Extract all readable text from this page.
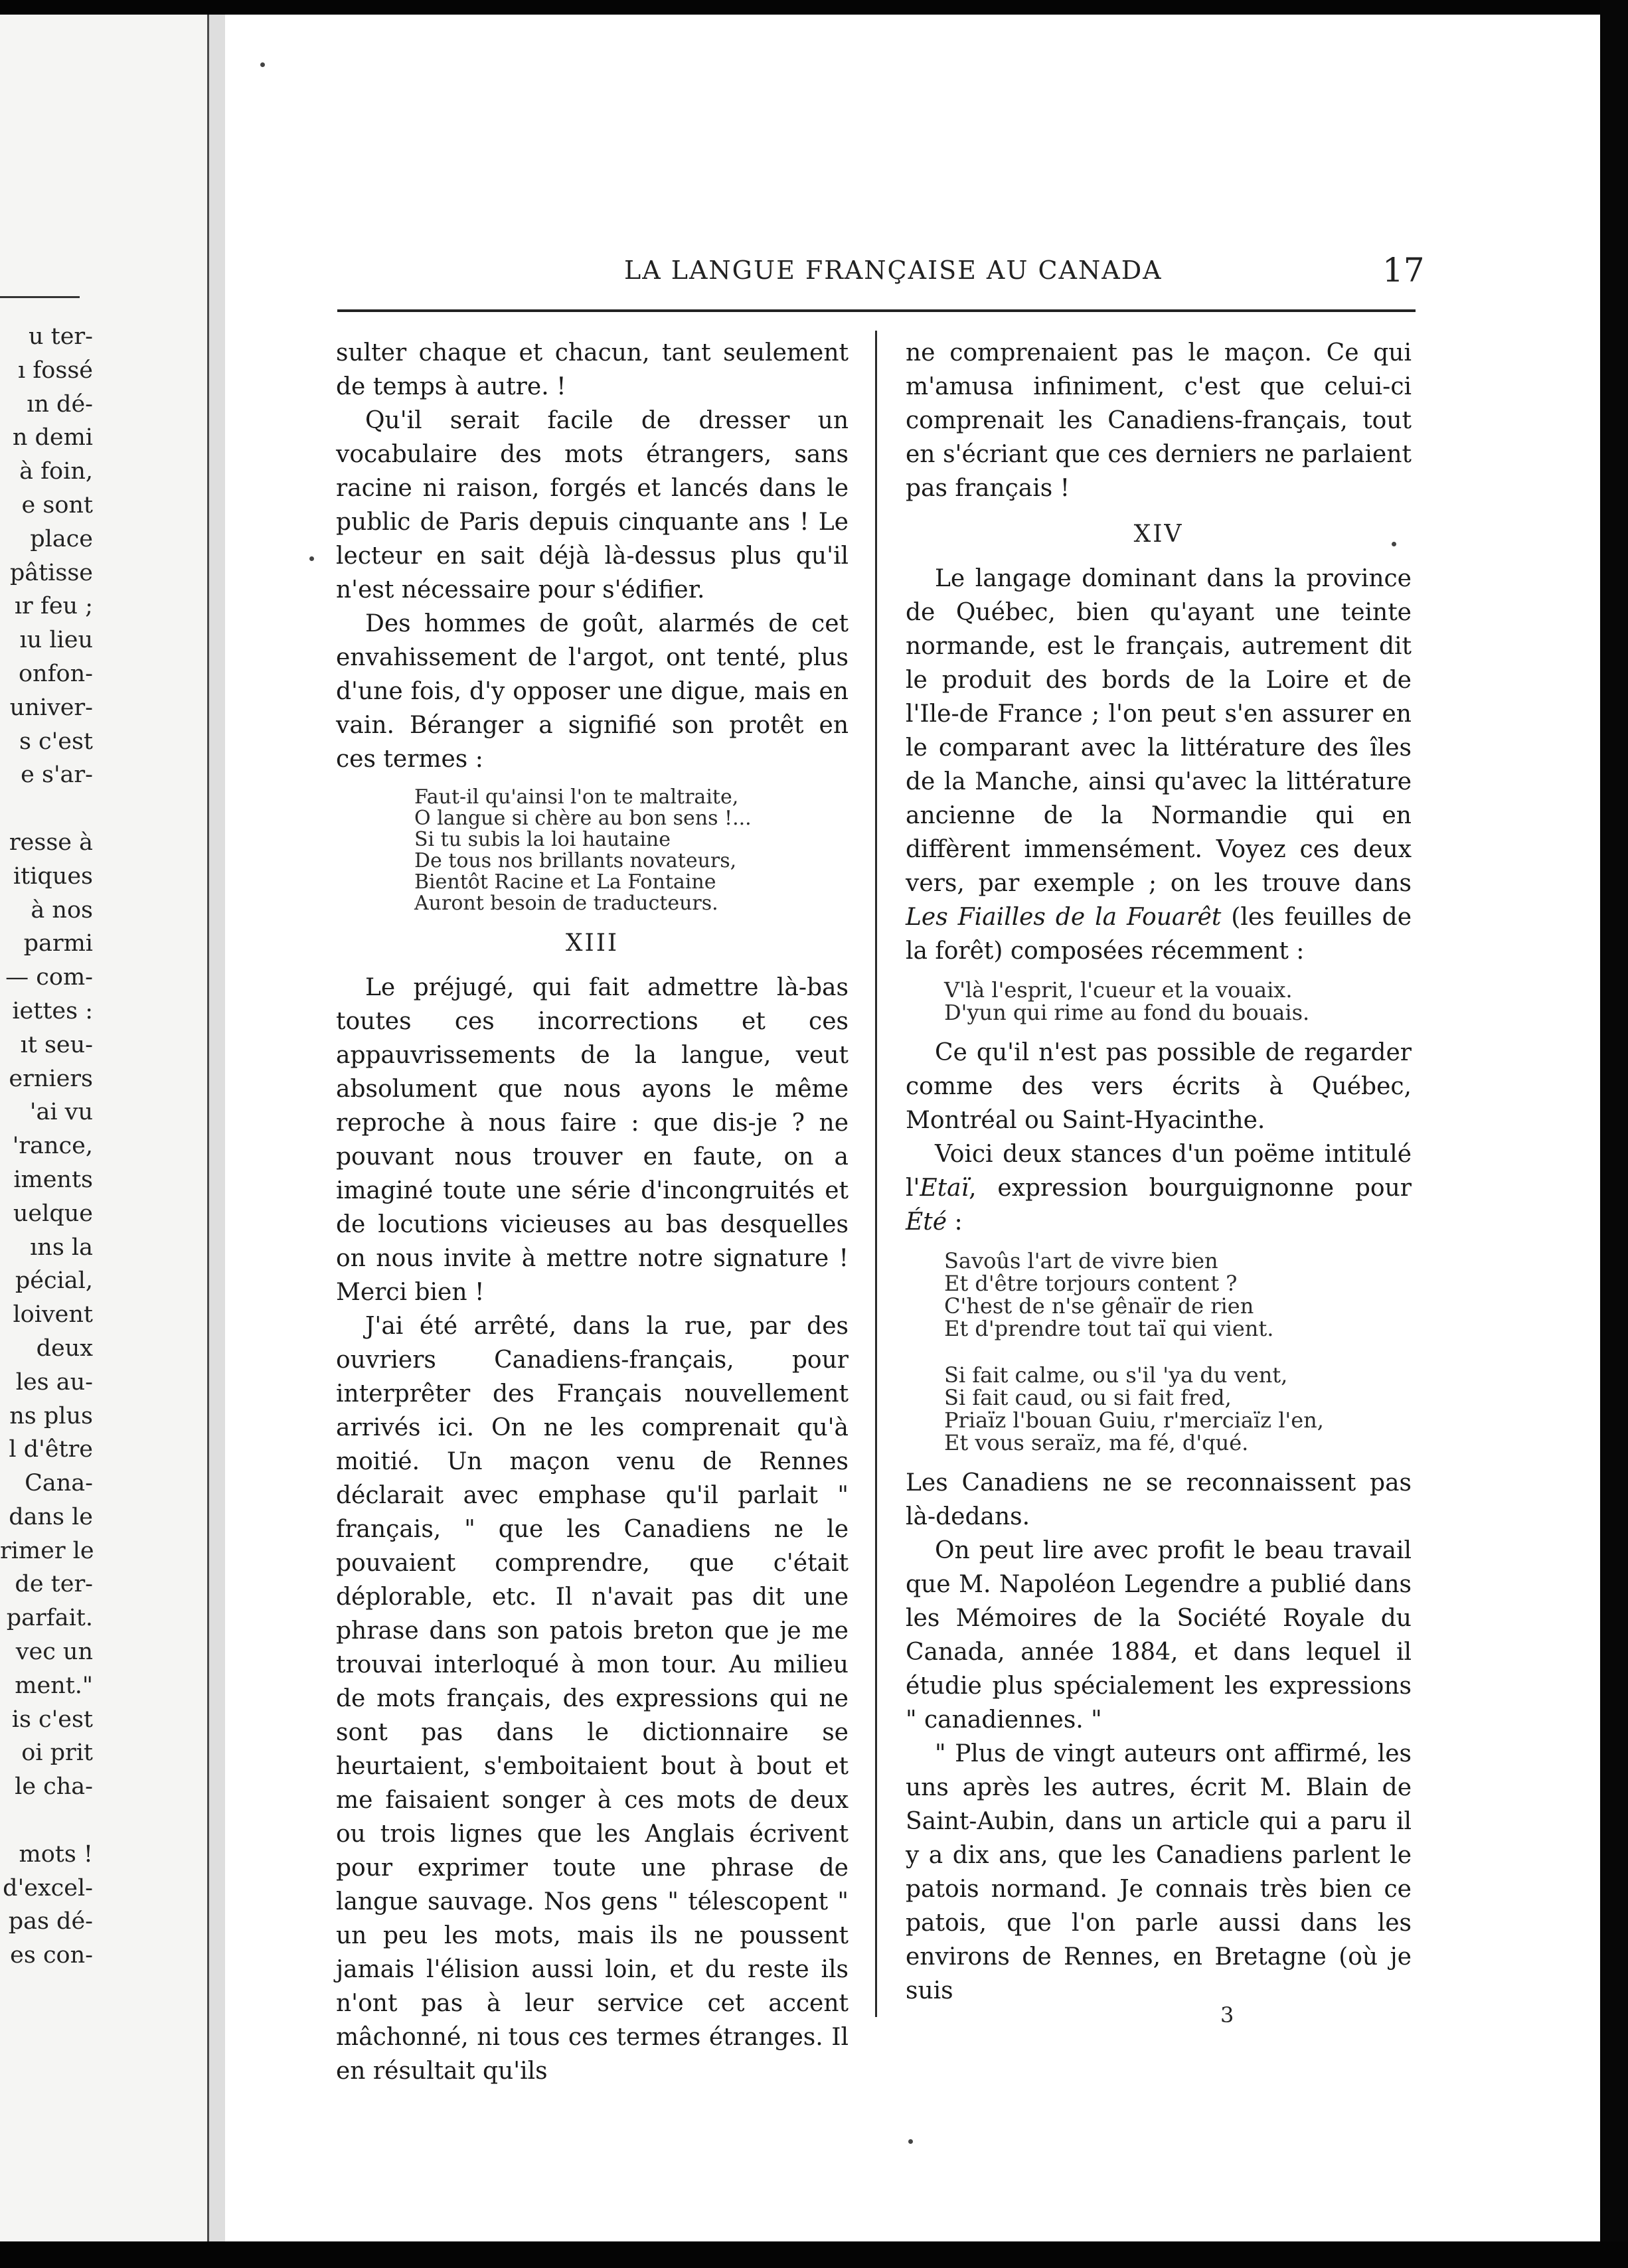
u ter-
ı fossé
ın dé-
n demi
à foin,
e sont
place
pâtisse
ır feu ;
ıu lieu
onfon-
univer-
s c'est
e s'ar-
resse à
itiques
à nos
parmi
— com-
iettes :
ıt seu-
erniers
'ai vu
'rance,
iments
uelque
ıns la
pécial,
loivent
deux
les au-
ns plus
l d'être
Cana-
dans le
rimer le
de ter-
parfait.
vec un
ment."
is c'est
oi prit
le cha-
mots !
d'excel-
pas dé-
es con-
LA LANGUE FRANÇAISE AU CANADA	17

sulter chaque et chacun, tant seulement de temps à autre. !

Qu'il serait facile de dresser un vocabulaire des mots étrangers, sans racine ni raison, forgés et lancés dans le public de Paris depuis cinquante ans ! Le lecteur en sait déjà là-dessus plus qu'il n'est nécessaire pour s'édifier.

Des hommes de goût, alarmés de cet envahissement de l'argot, ont tenté, plus d'une fois, d'y opposer une digue, mais en vain. Béranger a signifié son protêt en ces termes :

Faut-il qu'ainsi l'on te maltraite,
O langue si chère au bon sens !...
Si tu subis la loi hautaine
De tous nos brillants novateurs,
Bientôt Racine et La Fontaine
Auront besoin de traducteurs.
XIII

Le préjugé, qui fait admettre là-bas toutes ces incorrections et ces appauvrissements de la langue, veut absolument que nous ayons le même reproche à nous faire : que dis-je ? ne pouvant nous trouver en faute, on a imaginé toute une série d'incongruités et de locutions vicieuses au bas desquelles on nous invite à mettre notre signature ! Merci bien !

J'ai été arrêté, dans la rue, par des ouvriers Canadiens-français, pour interprêter des Français nouvellement arrivés ici. On ne les comprenait qu'à moitié. Un maçon venu de Rennes déclarait avec emphase qu'il parlait " français, " que les Canadiens ne le pouvaient comprendre, que c'était déplorable, etc. Il n'avait pas dit une phrase dans son patois breton que je me trouvai interloqué à mon tour. Au milieu de mots français, des expressions qui ne sont pas dans le dictionnaire se heurtaient, s'emboitaient bout à bout et me faisaient songer à ces mots de deux ou trois lignes que les Anglais écrivent pour exprimer toute une phrase de langue sauvage. Nos gens " télescopent " un peu les mots, mais ils ne poussent jamais l'élision aussi loin, et du reste ils n'ont pas à leur service cet accent mâchonné, ni tous ces termes étranges. Il en résultait qu'ils

ne comprenaient pas le maçon. Ce qui m'amusa infiniment, c'est que celui-ci comprenait les Canadiens-français, tout en s'écriant que ces derniers ne parlaient pas français !

XIV

Le langage dominant dans la province de Québec, bien qu'ayant une teinte normande, est le français, autrement dit le produit des bords de la Loire et de l'Ile-de France ; l'on peut s'en assurer en le comparant avec la littérature des îles de la Manche, ainsi qu'avec la littérature ancienne de la Normandie qui en diffèrent immensément. Voyez ces deux vers, par exemple ; on les trouve dans Les Fiailles de la Fouarêt (les feuilles de la forêt) composées récemment :

V'là l'esprit, l'cueur et la vouaix.
D'yun qui rime au fond du bouais.

Ce qu'il n'est pas possible de regarder comme des vers écrits à Québec, Montréal ou Saint-Hyacinthe.

Voici deux stances d'un poëme intitulé l'Etaï, expression bourguignonne pour Été :

Savoûs l'art de vivre bien
Et d'être torjours content ?
C'hest de n'se gênaïr de rien
Et d'prendre tout taï qui vient.
Si fait calme, ou s'il 'ya du vent,
Si fait caud, ou si fait fred,
Priaïz l'bouan Guiu, r'merciaïz l'en,
Et vous seraïz, ma fé, d'qué.

Les Canadiens ne se reconnaissent pas là-dedans.

On peut lire avec profit le beau travail que M. Napoléon Legendre a publié dans les Mémoires de la Société Royale du Canada, année 1884, et dans lequel il étudie plus spécialement les expressions " canadiennes. "

" Plus de vingt auteurs ont affirmé, les uns après les autres, écrit M. Blain de Saint-Aubin, dans un article qui a paru il y a dix ans, que les Canadiens parlent le patois normand. Je connais très bien ce patois, que l'on parle aussi dans les environs de Rennes, en Bretagne (où je suis

3
